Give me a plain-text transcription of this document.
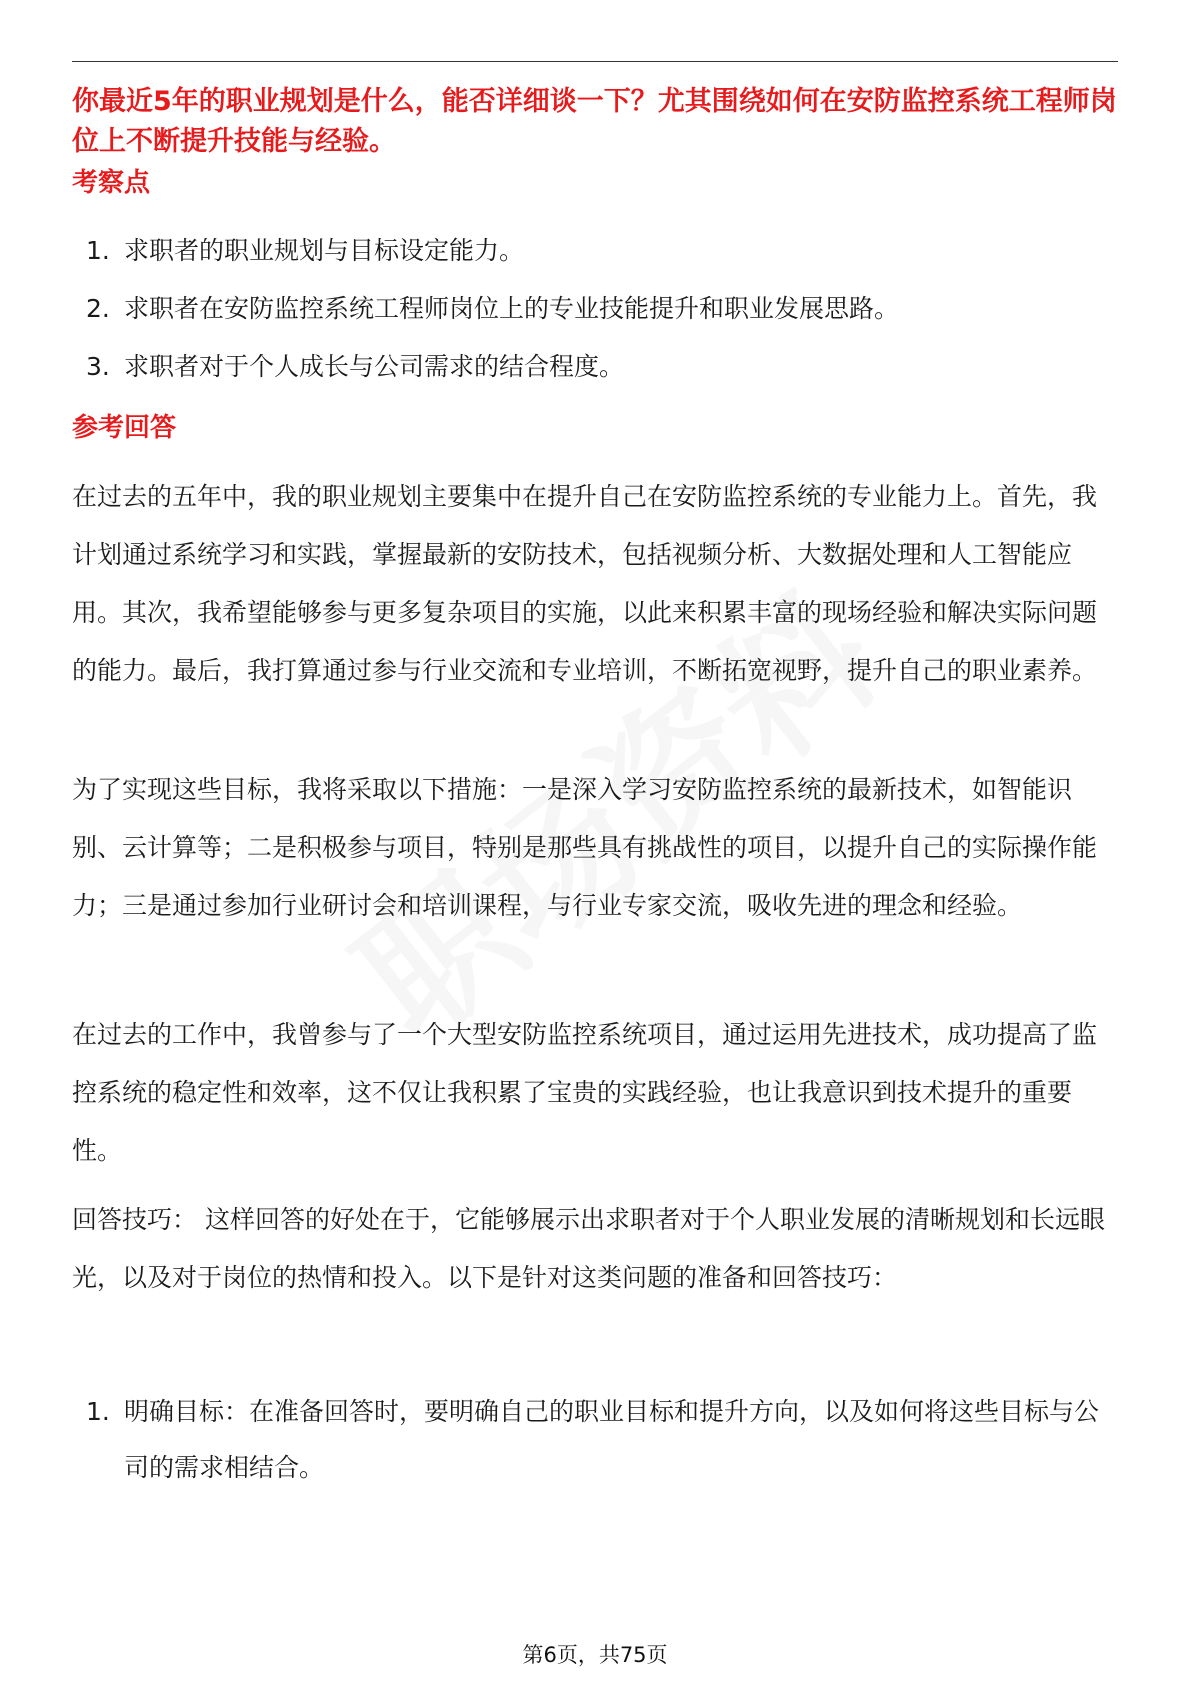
你最近5年的职业规划是什么，能否详细谈一下？尤其围绕如何在安防监控系统工程师岗位上不断提升技能与经验。
考察点
1. 求职者的职业规划与目标设定能力。
2. 求职者在安防监控系统工程师岗位上的专业技能提升和职业发展思路。
3. 求职者对于个人成长与公司需求的结合程度。
参考回答

在过去的五年中，我的职业规划主要集中在提升自己在安防监控系统的专业能力上。首先，我计划通过系统学习和实践，掌握最新的安防技术，包括视频分析、大数据处理和人工智能应用。其次，我希望能够参与更多复杂项目的实施，以此来积累丰富的现场经验和解决实际问题的能力。最后，我打算通过参与行业交流和专业培训，不断拓宽视野，提升自己的职业素养。

为了实现这些目标，我将采取以下措施：一是深入学习安防监控系统的最新技术，如智能识别、云计算等；二是积极参与项目，特别是那些具有挑战性的项目，以提升自己的实际操作能力；三是通过参加行业研讨会和培训课程，与行业专家交流，吸收先进的理念和经验。

在过去的工作中，我曾参与了一个大型安防监控系统项目，通过运用先进技术，成功提高了监控系统的稳定性和效率，这不仅让我积累了宝贵的实践经验，也让我意识到技术提升的重要性。

回答技巧： 这样回答的好处在于，它能够展示出求职者对于个人职业发展的清晰规划和长远眼光，以及对于岗位的热情和投入。以下是针对这类问题的准备和回答技巧：

1. 明确目标：在准备回答时，要明确自己的职业目标和提升方向，以及如何将这些目标与公司的需求相结合。
第6页，共75页
